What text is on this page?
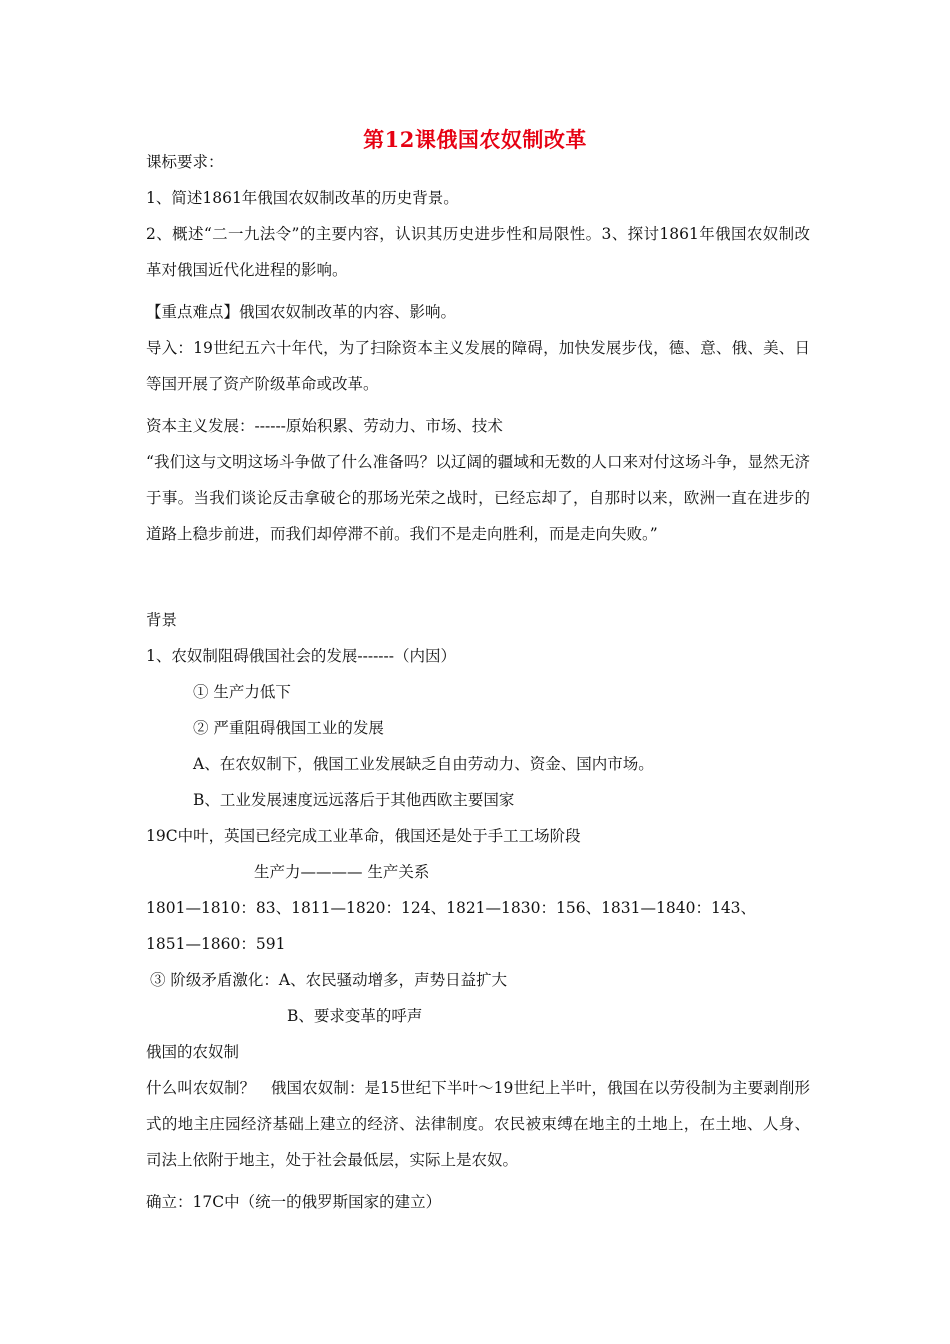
第12课俄国农奴制改革
课标要求：
1、简述1861年俄国农奴制改革的历史背景。
2、概述“二一九法令”的主要内容，认识其历史进步性和局限性。3、探讨1861年俄国农奴制改革对俄国近代化进程的影响。
【重点难点】俄国农奴制改革的内容、影响。
导入：19世纪五六十年代，为了扫除资本主义发展的障碍，加快发展步伐，德、意、俄、美、日等国开展了资产阶级革命或改革。
资本主义发展：------原始积累、劳动力、市场、技术
“我们这与文明这场斗争做了什么准备吗？以辽阔的疆域和无数的人口来对付这场斗争，显然无济于事。当我们谈论反击拿破仑的那场光荣之战时，已经忘却了，自那时以来，欧洲一直在进步的道路上稳步前进，而我们却停滞不前。我们不是走向胜利，而是走向失败。”
背景
1、农奴制阻碍俄国社会的发展-------（内因）
① 生产力低下
② 严重阻碍俄国工业的发展
A、在农奴制下，俄国工业发展缺乏自由劳动力、资金、国内市场。
B、工业发展速度远远落后于其他西欧主要国家
19C中叶，英国已经完成工业革命，俄国还是处于手工工场阶段
生产力———— 生产关系
1801—1810：83、1811—1820：124、1821—1830：156、1831—1840：143、
1851—1860：591
③ 阶级矛盾激化：A、农民骚动增多，声势日益扩大
B、要求变革的呼声
俄国的农奴制
什么叫农奴制？　俄国农奴制：是15世纪下半叶～19世纪上半叶，俄国在以劳役制为主要剥削形式的地主庄园经济基础上建立的经济、法律制度。农民被束缚在地主的土地上，在土地、人身、司法上依附于地主，处于社会最低层，实际上是农奴。
确立：17C中（统一的俄罗斯国家的建立）
